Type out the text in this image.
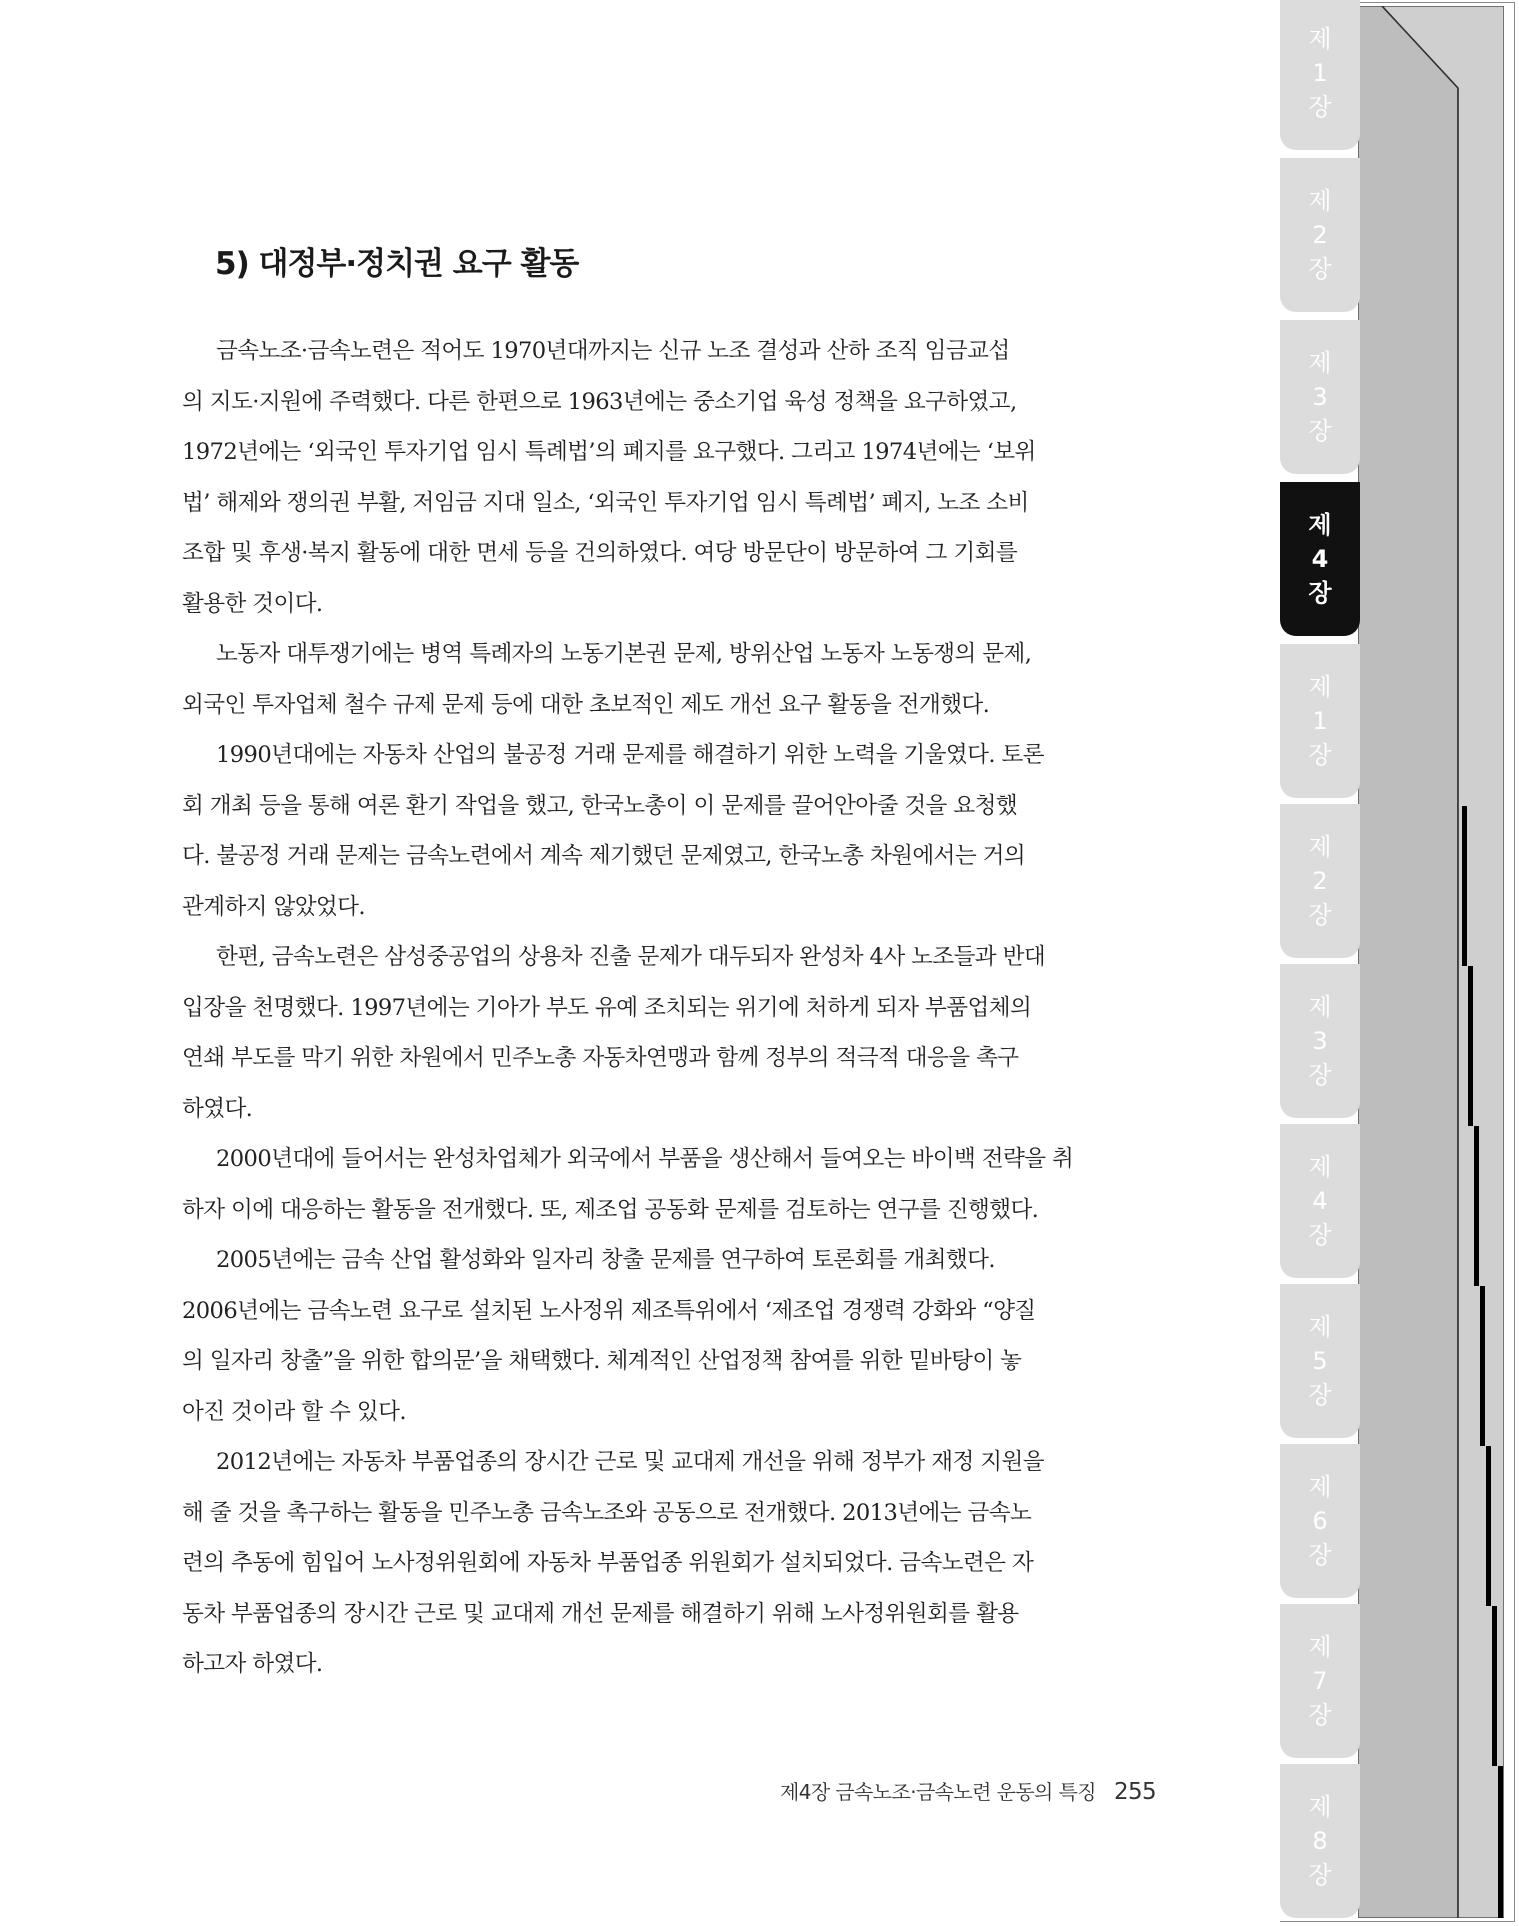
5) 대정부·정치권 요구 활동
금속노조·금속노련은 적어도 1970년대까지는 신규 노조 결성과 산하 조직 임금교섭
의 지도·지원에 주력했다. 다른 한편으로 1963년에는 중소기업 육성 정책을 요구하였고,
1972년에는 ‘외국인 투자기업 임시 특례법’의 폐지를 요구했다. 그리고 1974년에는 ‘보위
법’ 해제와 쟁의권 부활, 저임금 지대 일소, ‘외국인 투자기업 임시 특례법’ 폐지, 노조 소비
조합 및 후생·복지 활동에 대한 면세 등을 건의하였다. 여당 방문단이 방문하여 그 기회를
활용한 것이다.
노동자 대투쟁기에는 병역 특례자의 노동기본권 문제, 방위산업 노동자 노동쟁의 문제,
외국인 투자업체 철수 규제 문제 등에 대한 초보적인 제도 개선 요구 활동을 전개했다.
1990년대에는 자동차 산업의 불공정 거래 문제를 해결하기 위한 노력을 기울였다. 토론
회 개최 등을 통해 여론 환기 작업을 했고, 한국노총이 이 문제를 끌어안아줄 것을 요청했
다. 불공정 거래 문제는 금속노련에서 계속 제기했던 문제였고, 한국노총 차원에서는 거의
관계하지 않았었다.
한편, 금속노련은 삼성중공업의 상용차 진출 문제가 대두되자 완성차 4사 노조들과 반대
입장을 천명했다. 1997년에는 기아가 부도 유예 조치되는 위기에 처하게 되자 부품업체의
연쇄 부도를 막기 위한 차원에서 민주노총 자동차연맹과 함께 정부의 적극적 대응을 촉구
하였다.
2000년대에 들어서는 완성차업체가 외국에서 부품을 생산해서 들여오는 바이백 전략을 취
하자 이에 대응하는 활동을 전개했다. 또, 제조업 공동화 문제를 검토하는 연구를 진행했다.
2005년에는 금속 산업 활성화와 일자리 창출 문제를 연구하여 토론회를 개최했다.
2006년에는 금속노련 요구로 설치된 노사정위 제조특위에서 ‘제조업 경쟁력 강화와 “양질
의 일자리 창출”을 위한 합의문’을 채택했다. 체계적인 산업정책 참여를 위한 밑바탕이 놓
아진 것이라 할 수 있다.
2012년에는 자동차 부품업종의 장시간 근로 및 교대제 개선을 위해 정부가 재정 지원을
해 줄 것을 촉구하는 활동을 민주노총 금속노조와 공동으로 전개했다. 2013년에는 금속노
련의 추동에 힘입어 노사정위원회에 자동차 부품업종 위원회가 설치되었다. 금속노련은 자
동차 부품업종의 장시간 근로 및 교대제 개선 문제를 해결하기 위해 노사정위원회를 활용
하고자 하였다.
제4장 금속노조·금속노련 운동의 특징 255
제
1
장
제
2
장
제
3
장
제
4
장
제
1
장
제
2
장
제
3
장
제
4
장
제
5
장
제
6
장
제
7
장
제
8
장
